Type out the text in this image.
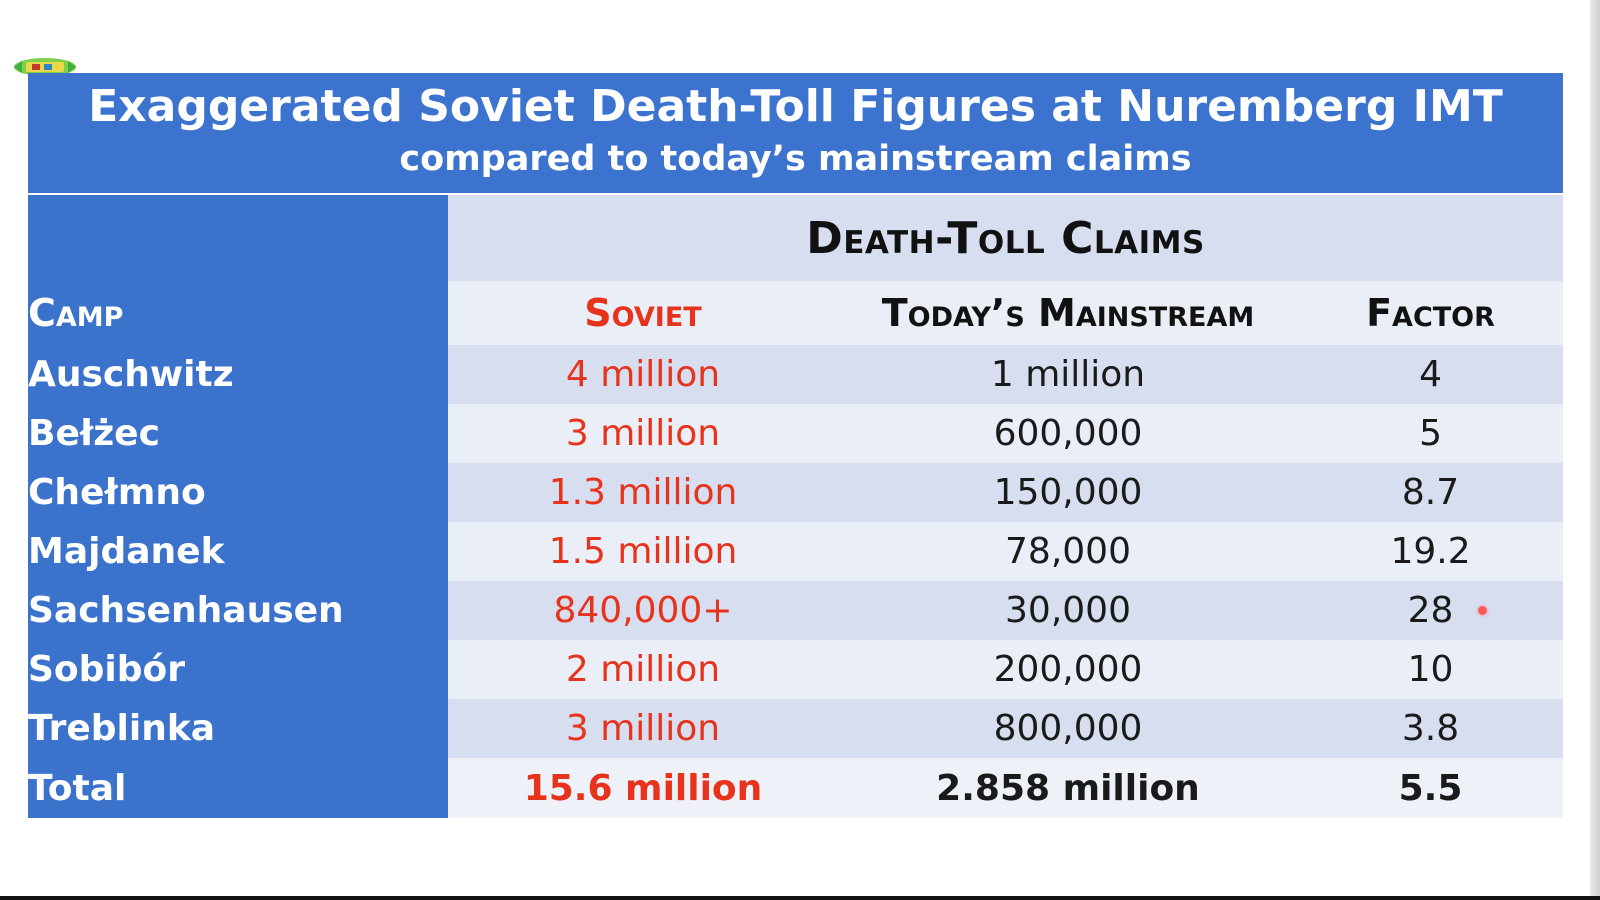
Exaggerated Soviet Death-Toll Figures at Nuremberg IMT
compared to today’s mainstream claims
	Death-Toll Claims		
Camp	Soviet	Today’s Mainstream	Factor
Auschwitz	4 million	1 million	4
Bełżec	3 million	600,000	5
Chełmno	1.3 million	150,000	8.7
Majdanek	1.5 million	78,000	19.2
Sachsenhausen	840,000+	30,000	28
Sobibór	2 million	200,000	10
Treblinka	3 million	800,000	3.8
Total	15.6 million	2.858 million	5.5
